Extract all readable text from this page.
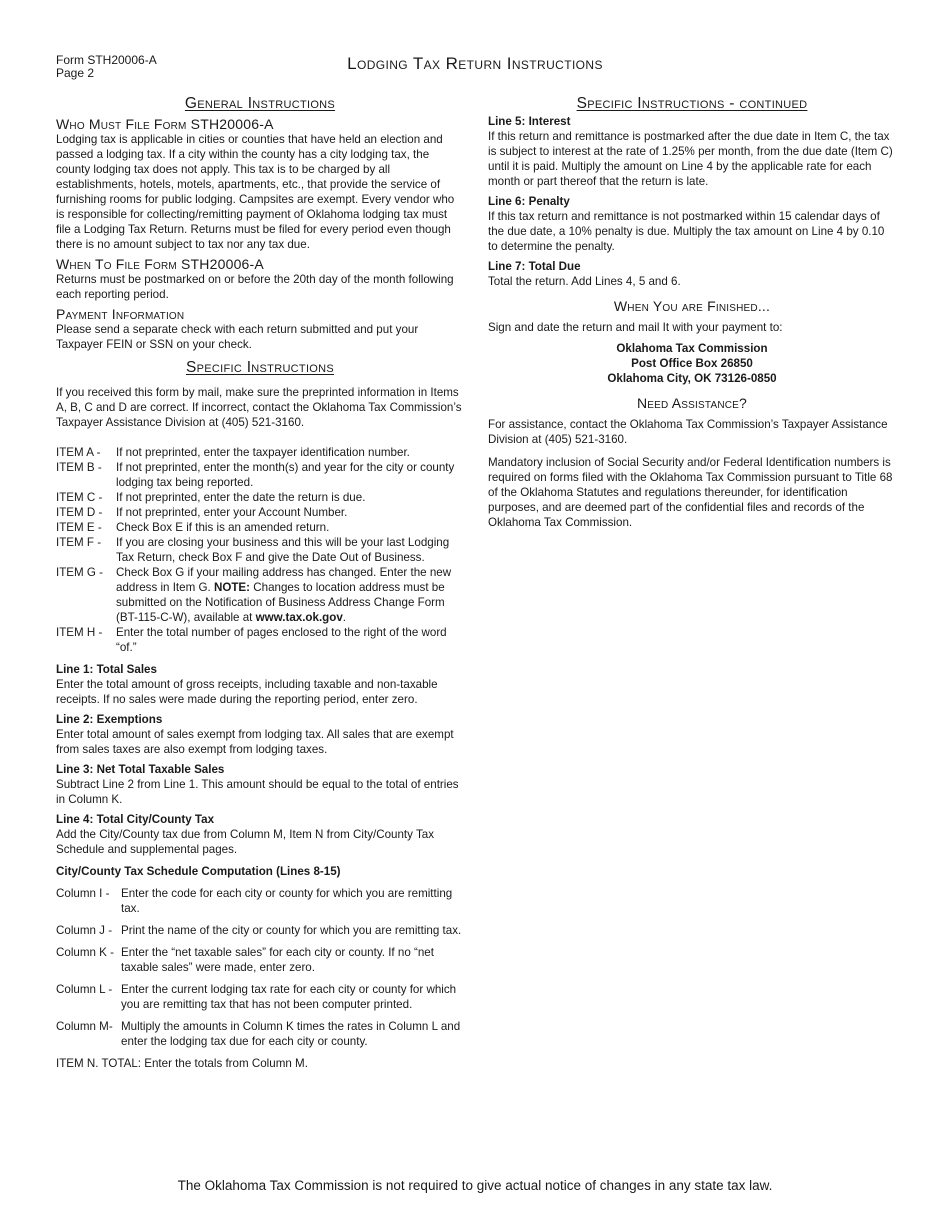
Form STH20006-A
Page 2	Lodging Tax Return Instructions
General Instructions
Who Must File Form STH20006-A

Lodging tax is applicable in cities or counties that have held an election and passed a lodging tax. If a city within the county has a city lodging tax, the county lodging tax does not apply. This tax is to be charged by all establishments, hotels, motels, apartments, etc., that provide the service of furnishing rooms for public lodging. Campsites are exempt. Every vendor who is responsible for collecting/remitting payment of Oklahoma lodging tax must file a Lodging Tax Return. Returns must be filed for every period even though there is no amount subject to tax nor any tax due.

When To File Form STH20006-A

Returns must be postmarked on or before the 20th day of the month following each reporting period.

Payment Information

Please send a separate check with each return submitted and put your Taxpayer FEIN or SSN on your check.

Specific Instructions

If you received this form by mail, make sure the preprinted information in Items A, B, C and D are correct. If incorrect, contact the Oklahoma Tax Commission’s Taxpayer Assistance Division at (405) 521-3160.

ITEM A -	If not preprinted, enter the taxpayer identification number.
ITEM B -	If not preprinted, enter the month(s) and year for the city or county lodging tax being reported.
ITEM C -	If not preprinted, enter the date the return is due.
ITEM D -	If not preprinted, enter your Account Number.
ITEM E -	Check Box E if this is an amended return.
ITEM F -	If you are closing your business and this will be your last Lodging Tax Return, check Box F and give the Date Out of Business.
ITEM G -	Check Box G if your mailing address has changed. Enter the new address in Item G. NOTE: Changes to location address must be submitted on the Notification of Business Address Change Form (BT-115-C-W), available at www.tax.ok.gov.
ITEM H -	Enter the total number of pages enclosed to the right of the word “of.”

Line 1: Total Sales

Enter the total amount of gross receipts, including taxable and non-taxable receipts. If no sales were made during the reporting period, enter zero.

Line 2: Exemptions

Enter total amount of sales exempt from lodging tax. All sales that are exempt from sales taxes are also exempt from lodging taxes.

Line 3: Net Total Taxable Sales

Subtract Line 2 from Line 1. This amount should be equal to the total of entries in Column K.

Line 4: Total City/County Tax

Add the City/County tax due from Column M, Item N from City/County Tax Schedule and supplemental pages.

City/County Tax Schedule Computation (Lines 8-15)

Column I - Enter the code for each city or county for which you are remitting tax.
Column J - Print the name of the city or county for which you are remitting tax.
Column K - Enter the “net taxable sales” for each city or county. If no “net taxable sales” were made, enter zero.
Column L - Enter the current lodging tax rate for each city or county for which you are remitting tax that has not been computer printed.
Column M- Multiply the amounts in Column K times the rates in Column L and enter the lodging tax due for each city or county.

ITEM N. TOTAL: Enter the totals from Column M.

Specific Instructions - continued

Line 5: Interest

If this return and remittance is postmarked after the due date in Item C, the tax is subject to interest at the rate of 1.25% per month, from the due date (Item C) until it is paid. Multiply the amount on Line 4 by the applicable rate for each month or part thereof that the return is late.

Line 6: Penalty

If this tax return and remittance is not postmarked within 15 calendar days of the due date, a 10% penalty is due. Multiply the tax amount on Line 4 by 0.10 to determine the penalty.

Line 7: Total Due

Total the return. Add Lines 4, 5 and 6.

When You are Finished...

Sign and date the return and mail It with your payment to:

Oklahoma Tax Commission
Post Office Box 26850
Oklahoma City, OK 73126-0850
Need Assistance?

For assistance, contact the Oklahoma Tax Commission’s Taxpayer Assistance Division at (405) 521-3160.

Mandatory inclusion of Social Security and/or Federal Identification numbers is required on forms filed with the Oklahoma Tax Commission pursuant to Title 68 of the Oklahoma Statutes and regulations thereunder, for identification purposes, and are deemed part of the confidential files and records of the Oklahoma Tax Commission.

The Oklahoma Tax Commission is not required to give actual notice of changes in any state tax law.
